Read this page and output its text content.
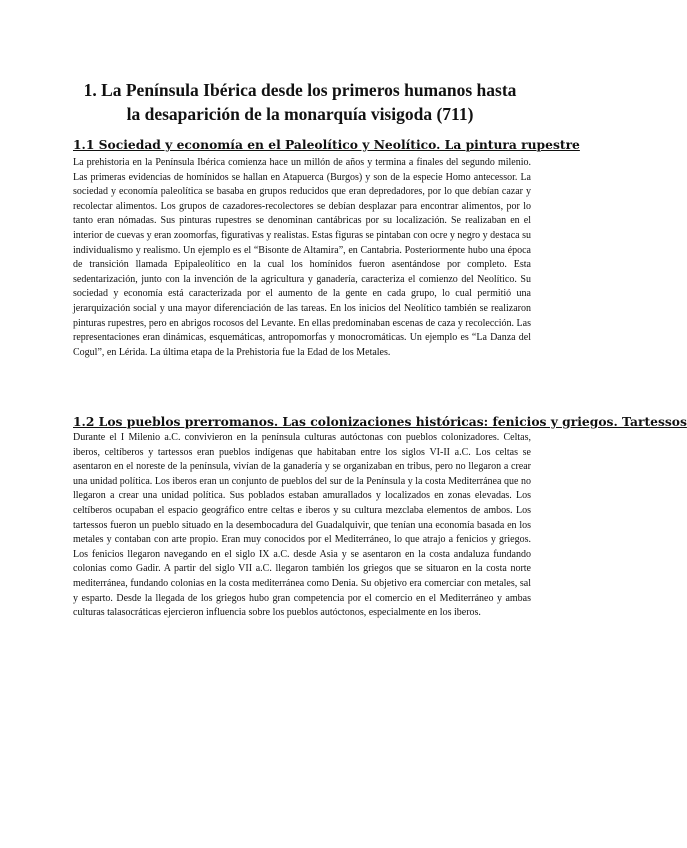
1. La Península Ibérica desde los primeros humanos hasta
la desaparición de la monarquía visigoda (711)
1.1 Sociedad y economía en el Paleolítico y Neolítico. La pintura rupestre

La prehistoria en la Península Ibérica comienza hace un millón de años y termina a finales del segundo milenio. Las primeras evidencias de homínidos se hallan en Atapuerca (Burgos) y son de la especie Homo antecessor. La sociedad y economía paleolítica se basaba en grupos reducidos que eran depredadores, por lo que debían cazar y recolectar alimentos. Los grupos de cazadores-recolectores se debían desplazar para encontrar alimentos, por lo tanto eran nómadas. Sus pinturas rupestres se denominan cantábricas por su localización. Se realizaban en el interior de cuevas y eran zoomorfas, figurativas y realistas. Estas figuras se pintaban con ocre y negro y destaca su individualismo y realismo. Un ejemplo es el “Bisonte de Altamira”, en Cantabria. Posteriormente hubo una época de transición llamada Epipaleolítico en la cual los homínidos fueron asentándose por completo. Esta sedentarización, junto con la invención de la agricultura y ganadería, caracteriza el comienzo del Neolítico. Su sociedad y economía está caracterizada por el aumento de la gente en cada grupo, lo cual permitió una jerarquización social y una mayor diferenciación de las tareas. En los inicios del Neolítico también se realizaron pinturas rupestres, pero en abrigos rocosos del Levante. En ellas predominaban escenas de caza y recolección. Las representaciones eran dinámicas, esquemáticas, antropomorfas y monocromáticas. Un ejemplo es “La Danza del Cogul”, en Lérida. La última etapa de la Prehistoria fue la Edad de los Metales.

1.2 Los pueblos prerromanos. Las colonizaciones históricas: fenicios y griegos. Tartessos

Durante el I Milenio a.C. convivieron en la península culturas autóctonas con pueblos colonizadores. Celtas, iberos, celtíberos y tartessos eran pueblos indígenas que habitaban entre los siglos VI-II a.C. Los celtas se asentaron en el noreste de la península, vivían de la ganadería y se organizaban en tribus, pero no llegaron a crear una unidad política. Los iberos eran un conjunto de pueblos del sur de la Península y la costa Mediterránea que no llegaron a crear una unidad política. Sus poblados estaban amurallados y localizados en zonas elevadas. Los celtíberos ocupaban el espacio geográfico entre celtas e iberos y su cultura mezclaba elementos de ambos. Los tartessos fueron un pueblo situado en la desembocadura del Guadalquivir, que tenían una economía basada en los metales y contaban con arte propio. Eran muy conocidos por el Mediterráneo, lo que atrajo a fenicios y griegos. Los fenicios llegaron navegando en el siglo IX a.C. desde Asia y se asentaron en la costa andaluza fundando colonias como Gadir. A partir del siglo VII a.C. llegaron también los griegos que se situaron en la costa norte mediterránea, fundando colonias en la costa mediterránea como Denia. Su objetivo era comerciar con metales, sal y esparto. Desde la llegada de los griegos hubo gran competencia por el comercio en el Mediterráneo y ambas culturas talasocráticas ejercieron influencia sobre los pueblos autóctonos, especialmente en los iberos.
